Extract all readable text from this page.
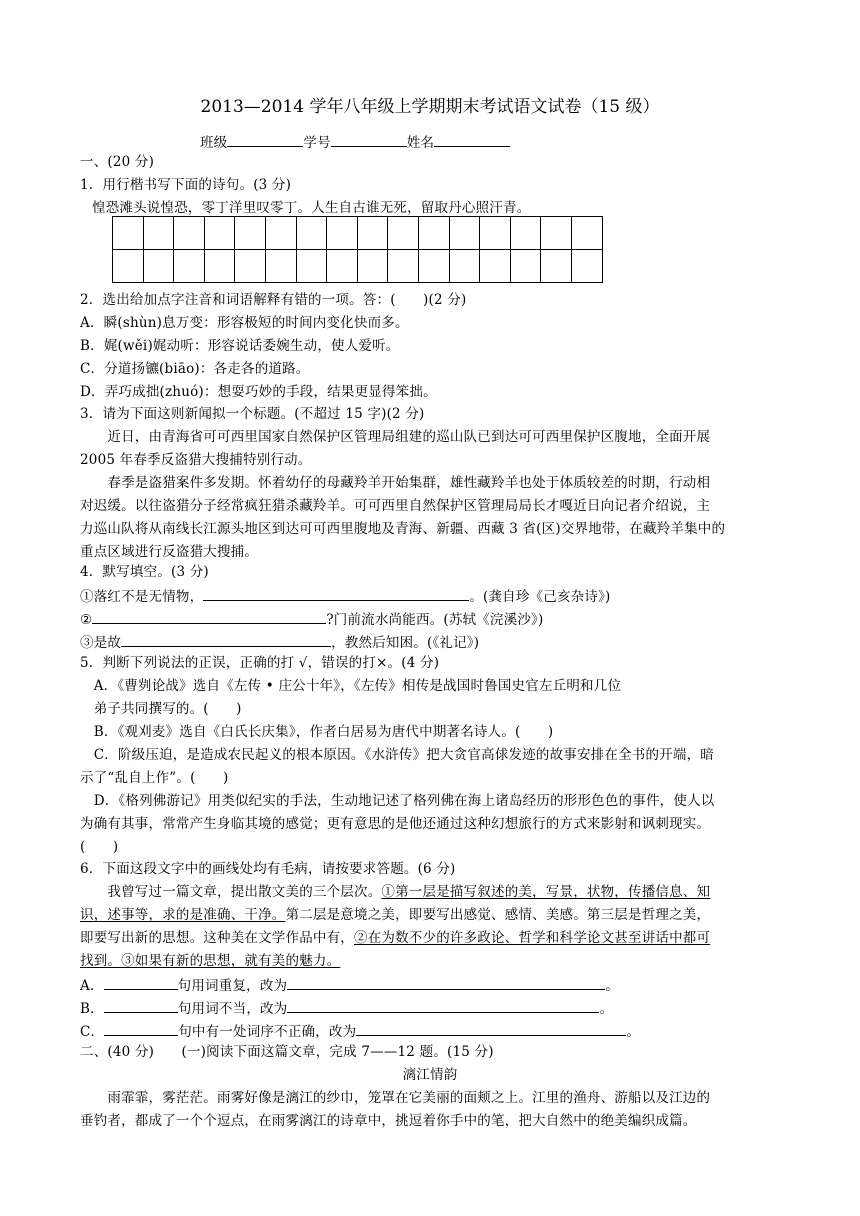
2013—2014 学年八年级上学期期末考试语文试卷（15 级）
班级	学号	姓名
一、(20 分)
1．用行楷书写下面的诗句。(3 分)
惶恐滩头说惶恐，零丁洋里叹零丁。人生自古谁无死，留取丹心照汗青。

2．选出给加点字注音和词语解释有错的一项。答：(　　)(2 分)
A．瞬(shùn)息万变：形容极短的时间内变化快而多。
B．娓(wěi)娓动听：形容说话委婉生动，使人爱听。
C．分道扬镳(biāo)：各走各的道路。
D．弄巧成拙(zhuó)：想耍巧妙的手段，结果更显得笨拙。
3．请为下面这则新闻拟一个标题。(不超过 15 字)(2 分)
　　近日，由青海省可可西里国家自然保护区管理局组建的巡山队已到达可可西里保护区腹地，全面开展
2005 年春季反盗猎大搜捕特别行动。
　　春季是盗猎案件多发期。怀着幼仔的母藏羚羊开始集群，雄性藏羚羊也处于体质较差的时期，行动相
对迟缓。以往盗猎分子经常疯狂猎杀藏羚羊。可可西里自然保护区管理局局长才嘎近日向记者介绍说，主
力巡山队将从南线长江源头地区到达可可西里腹地及青海、新疆、西藏 3 省(区)交界地带，在藏羚羊集中的
重点区域进行反盗猎大搜捕。
4．默写填空。(3 分)
①落红不是无情物，	。(龚自珍《己亥杂诗》)
②	?门前流水尚能西。(苏轼《浣溪沙》)
③是故	，教然后知困。(《礼记》)
5．判断下列说法的正误，正确的打 √，错误的打×。(4 分)
　A．《曹刿论战》选自《左传 • 庄公十年》，《左传》相传是战国时鲁国史官左丘明和几位
　弟子共同撰写的。(　　)
　B．《观刈麦》选自《白氏长庆集》，作者白居易为唐代中期著名诗人。(　　)
　C．阶级压迫，是造成农民起义的根本原因。《水浒传》把大贪官高俅发迹的故事安排在全书的开端，暗
示了“乱自上作”。(　　)
　D．《格列佛游记》用类似纪实的手法，生动地记述了格列佛在海上诸岛经历的形形色色的事件，使人以
为确有其事，常常产生身临其境的感觉；更有意思的是他还通过这种幻想旅行的方式来影射和讽刺现实。
(　　)
6．下面这段文字中的画线处均有毛病，请按要求答题。(6 分)
　　我曾写过一篇文章，提出散文美的三个层次。①第一层是描写叙述的美，写景，状物，传播信息、知
识，述事等，求的是准确、干净。第二层是意境之美，即要写出感觉、感情、美感。第三层是哲理之美，
即要写出新的思想。这种美在文学作品中有，②在为数不少的许多政论、哲学和科学论文甚至讲话中都可
找到。③如果有新的思想，就有美的魅力。
A．	句用词重复，改为	。
B．	句用词不当，改为	。
C．	句中有一处词序不正确，改为	。
二、(40 分)　　(一)阅读下面这篇文章，完成 7——12 题。(15 分)
漓江情韵
　　雨霏霏，雾茫茫。雨雾好像是漓江的纱巾，笼罩在它美丽的面颊之上。江里的渔舟、游船以及江边的
垂钓者，都成了一个个逗点，在雨雾漓江的诗章中，挑逗着你手中的笔，把大自然中的绝美编织成篇。
